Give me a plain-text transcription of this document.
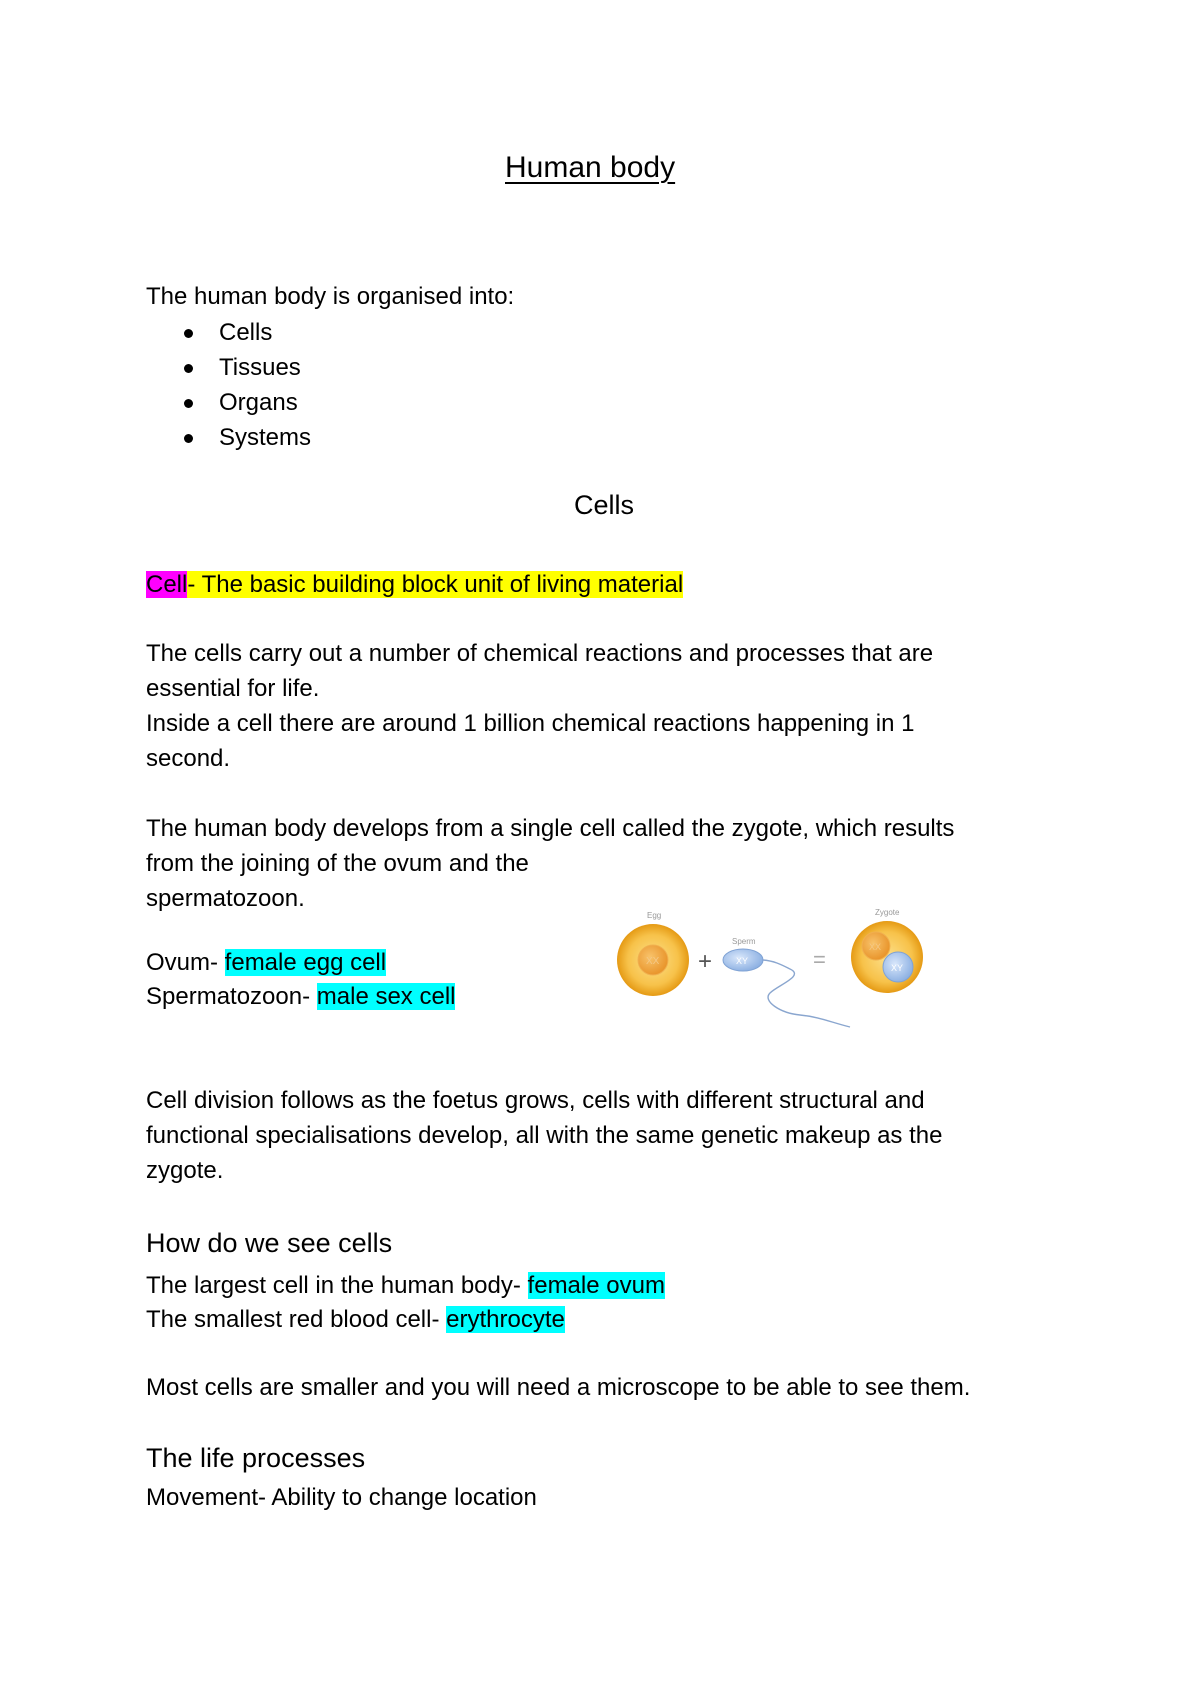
Human body
The human body is organised into:
Cells
Tissues
Organs
Systems
Cells
Cell- The basic building block unit of living material
The cells carry out a number of chemical reactions and processes that are
essential for life.
Inside a cell there are around 1 billion chemical reactions happening in 1
second.
The human body develops from a single cell called the zygote, which results
from the joining of the ovum and the
spermatozoon.
Ovum- female egg cell
Spermatozoon- male sex cell
Egg
XX +
Sperm
XY	=
Zygote
XX
XY
Cell division follows as the foetus grows, cells with different structural and
functional specialisations develop, all with the same genetic makeup as the
zygote.
How do we see cells
The largest cell in the human body- female ovum
The smallest red blood cell- erythrocyte
Most cells are smaller and you will need a microscope to be able to see them.
The life processes
Movement- Ability to change location
